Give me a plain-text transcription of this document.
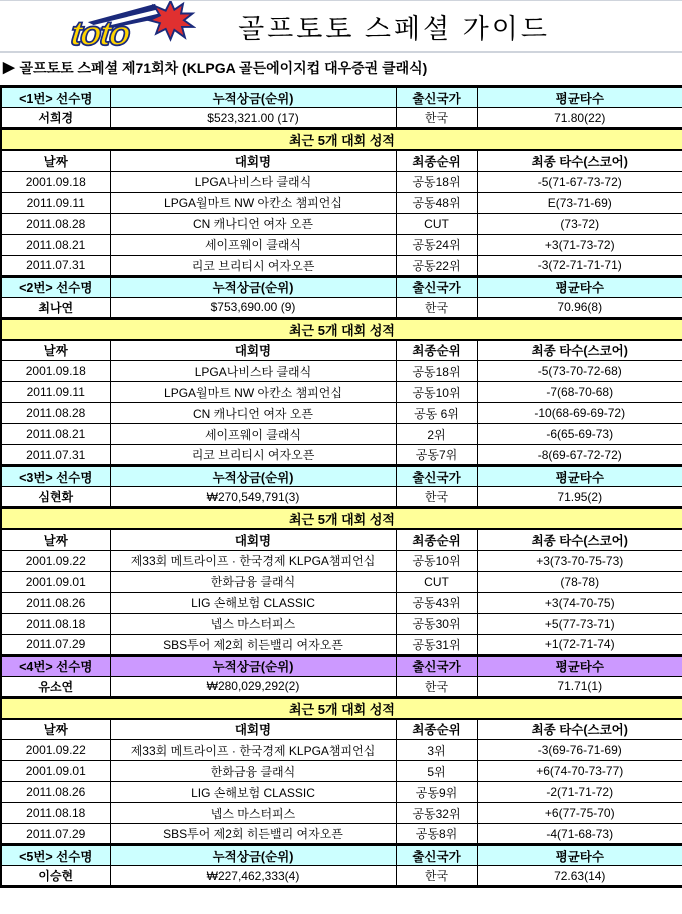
toto	골프토토 스페셜 가이드
▶ 골프토토 스페셜 제71회차 (KLPGA 골든에이지컵 대우증권 클래식)
<1번> 선수명	누적상금(순위)	출신국가	평균타수
서희경	$523,321.00 (17)	한국	71.80(22)
최근 5개 대회 성적			
날짜	대회명	최종순위	최종 타수(스코어)
2001.09.18	LPGA나비스타 클래식	공동18위	-5(71-67-73-72)
2011.09.11	LPGA월마트 NW 아칸소 챔피언십	공동48위	E(73-71-69)
2011.08.28	CN 캐나디언 여자 오픈	CUT	(73-72)
2011.08.21	세이프웨이 클래식	공동24위	+3(71-73-72)
2011.07.31	리코 브리티시 여자오픈	공동22위	-3(72-71-71-71)
<2번> 선수명	누적상금(순위)	출신국가	평균타수
최나연	$753,690.00 (9)	한국	70.96(8)
최근 5개 대회 성적			
날짜	대회명	최종순위	최종 타수(스코어)
2001.09.18	LPGA나비스타 클래식	공동18위	-5(73-70-72-68)
2011.09.11	LPGA월마트 NW 아칸소 챔피언십	공동10위	-7(68-70-68)
2011.08.28	CN 캐나디언 여자 오픈	공동 6위	-10(68-69-69-72)
2011.08.21	세이프웨이 클래식	2위	-6(65-69-73)
2011.07.31	리코 브리티시 여자오픈	공동7위	-8(69-67-72-72)
<3번> 선수명	누적상금(순위)	출신국가	평균타수
심현화	₩270,549,791(3)	한국	71.95(2)
최근 5개 대회 성적			
날짜	대회명	최종순위	최종 타수(스코어)
2001.09.22	제33회 메트라이프 · 한국경제 KLPGA챔피언십	공동10위	+3(73-70-75-73)
2001.09.01	한화금융 클래식	CUT	(78-78)
2011.08.26	LIG 손해보험 CLASSIC	공동43위	+3(74-70-75)
2011.08.18	넵스 마스터피스	공동30위	+5(77-73-71)
2011.07.29	SBS투어 제2회 히든밸리 여자오픈	공동31위	+1(72-71-74)
<4번> 선수명	누적상금(순위)	출신국가	평균타수
유소연	₩280,029,292(2)	한국	71.71(1)
최근 5개 대회 성적			
날짜	대회명	최종순위	최종 타수(스코어)
2001.09.22	제33회 메트라이프 · 한국경제 KLPGA챔피언십	3위	-3(69-76-71-69)
2001.09.01	한화금융 클래식	5위	+6(74-70-73-77)
2011.08.26	LIG 손해보험 CLASSIC	공동9위	-2(71-71-72)
2011.08.18	넵스 마스터피스	공동32위	+6(77-75-70)
2011.07.29	SBS투어 제2회 히든밸리 여자오픈	공동8위	-4(71-68-73)
<5번> 선수명	누적상금(순위)	출신국가	평균타수
이승현	₩227,462,333(4)	한국	72.63(14)
